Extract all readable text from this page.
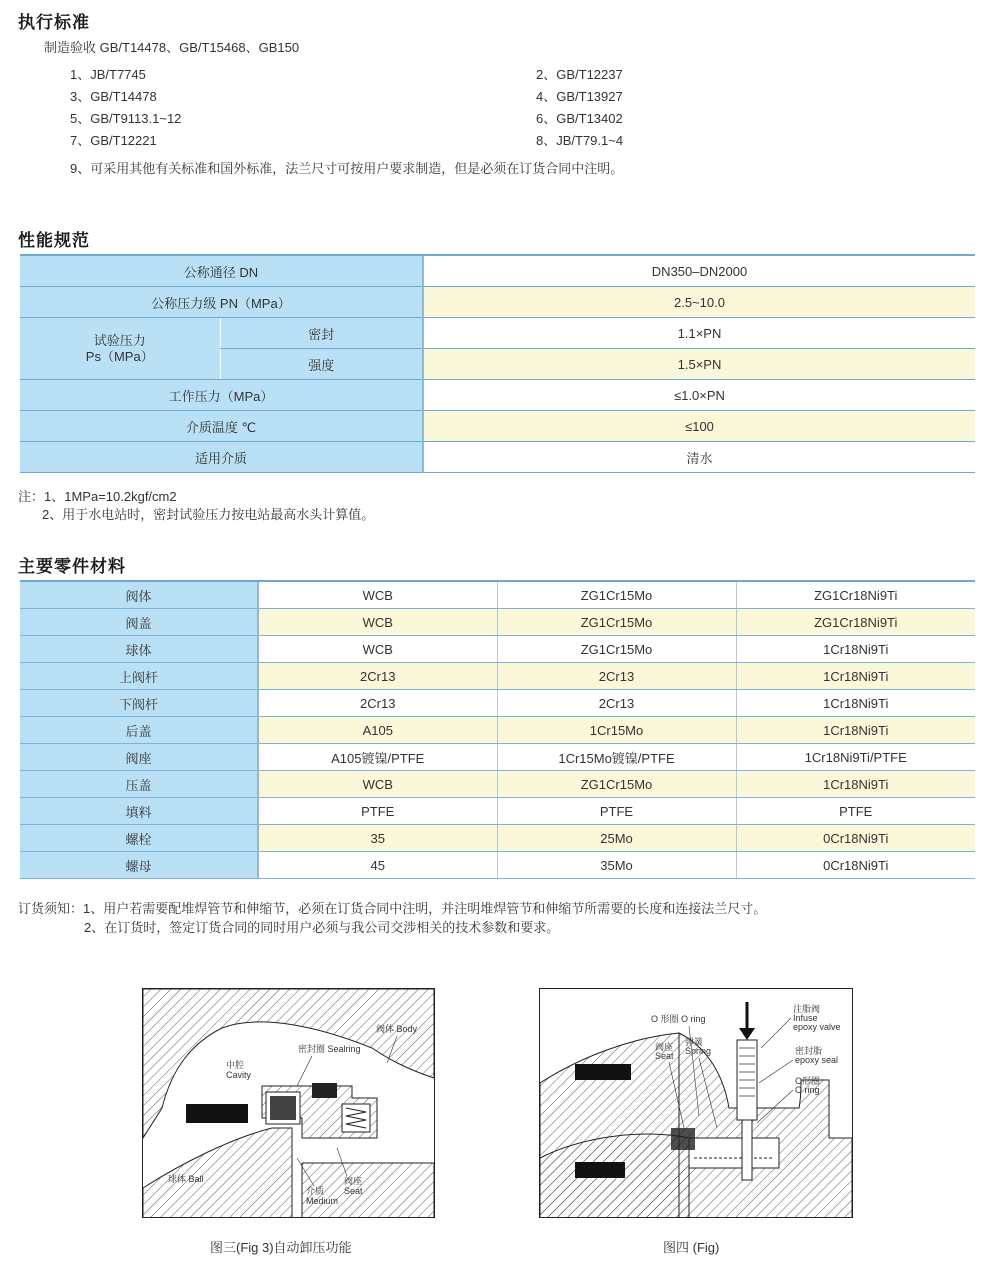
执行标准
制造验收 GB/T14478、GB/T15468、GB150
1、JB/T7745	2、GB/T12237
3、GB/T14478	4、GB/T13927
5、GB/T9113.1~12	6、GB/T13402
7、GB/T12221	8、JB/T79.1~4
9、可采用其他有关标准和国外标准，法兰尺寸可按用户要求制造，但是必须在订货合同中注明。
性能规范
公称通径 DN		DN350–DN2000
公称压力级 PN（MPa）		2.5~10.0
试验压力
Ps（MPa）	密封	1.1×PN
	强度	1.5×PN
工作压力（MPa）		≤1.0×PN
介质温度 ℃		≤100
适用介质		清水
注：1、1MPa=10.2kgf/cm2
2、用于水电站时，密封试验压力按电站最高水头计算值。
主要零件材料
阀体	WCB	ZG1Cr15Mo	ZG1Cr18Ni9Ti
阀盖	WCB	ZG1Cr15Mo	ZG1Cr18Ni9Ti
球体	WCB	ZG1Cr15Mo	1Cr18Ni9Ti
上阀杆	2Cr13	2Cr13	1Cr18Ni9Ti
下阀杆	2Cr13	2Cr13	1Cr18Ni9Ti
后盖	A105	1Cr15Mo	1Cr18Ni9Ti
阀座	A105镀镍/PTFE	1Cr15Mo镀镍/PTFE	1Cr18Ni9Ti/PTFE
压盖	WCB	ZG1Cr15Mo	1Cr18Ni9Ti
填料	PTFE	PTFE	PTFE
螺栓	35	25Mo	0Cr18Ni9Ti
螺母	45	35Mo	0Cr18Ni9Ti
订货须知：1、用户若需要配堆焊管节和伸缩节，必须在订货合同中注明，并注明堆焊管节和伸缩节所需要的长度和连接法兰尺寸。
2、在订货时，签定订货合同的同时用户必须与我公司交涉相关的技术参数和要求。
阀体 Body
密封圈 Sealring
中腔
Cavity
球体 Ball
介质
Medium
阀座
Seat
图三(Fig 3)自动卸压功能
O 形圈 O ring
注脂阀
Infuse
epoxy valve
弹簧
Spring
阀座
Seat	密封脂
epoxy seal
O形圈
O ring
图四 (Fig)
